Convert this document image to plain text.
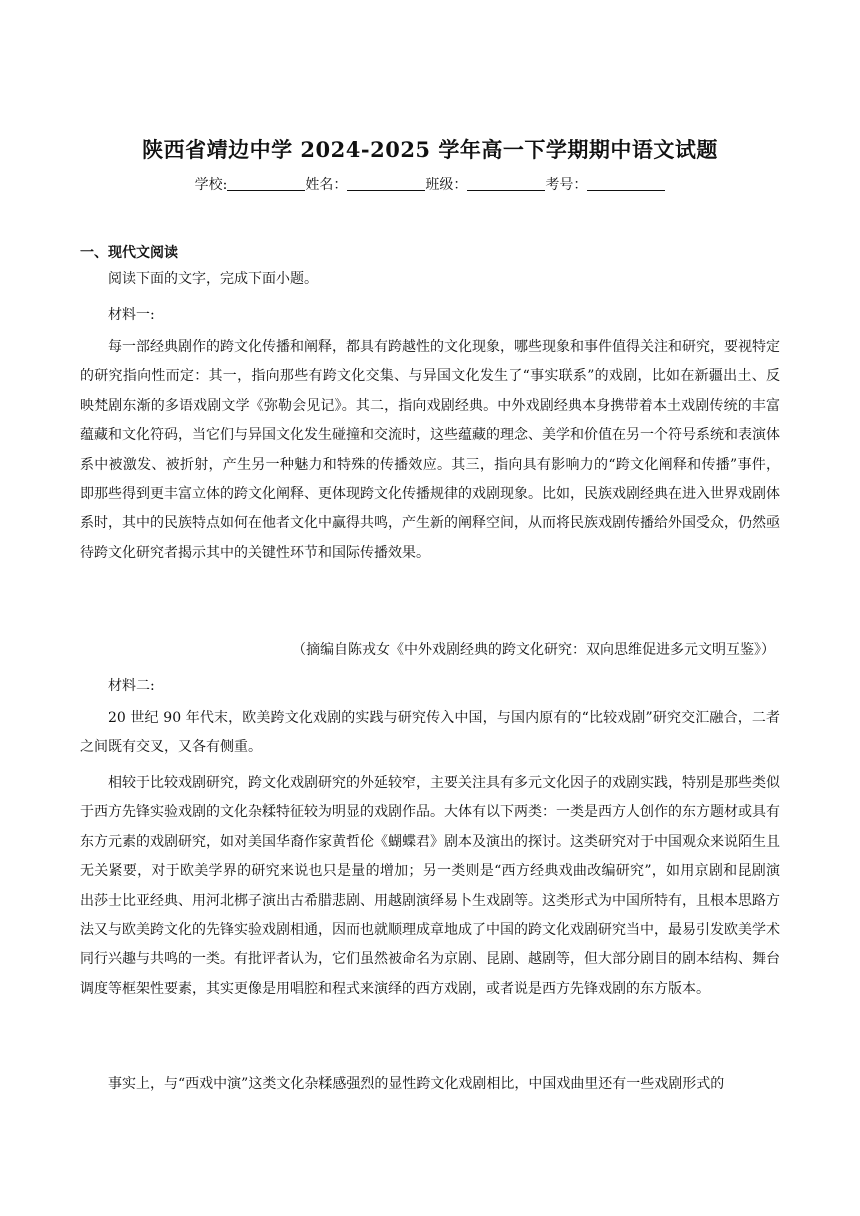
陕西省靖边中学 2024-2025 学年高一下学期期中语文试题
学校:	姓名：	班级：	考号：
一、现代文阅读

阅读下面的文字，完成下面小题。

材料一:

每一部经典剧作的跨文化传播和阐释，都具有跨越性的文化现象，哪些现象和事件值得关注和研究，要视特定的研究指向性而定：其一，指向那些有跨文化交集、与异国文化发生了“事实联系”的戏剧，比如在新疆出土、反映梵剧东渐的多语戏剧文学《弥勒会见记》。其二，指向戏剧经典。中外戏剧经典本身携带着本土戏剧传统的丰富蕴藏和文化符码，当它们与异国文化发生碰撞和交流时，这些蕴藏的理念、美学和价值在另一个符号系统和表演体系中被激发、被折射，产生另一种魅力和特殊的传播效应。其三，指向具有影响力的“跨文化阐释和传播”事件，即那些得到更丰富立体的跨文化阐释、更体现跨文化传播规律的戏剧现象。比如，民族戏剧经典在进入世界戏剧体系时，其中的民族特点如何在他者文化中赢得共鸣，产生新的阐释空间，从而将民族戏剧传播给外国受众，仍然亟待跨文化研究者揭示其中的关键性环节和国际传播效果。

（摘编自陈戎女《中外戏剧经典的跨文化研究：双向思维促进多元文明互鉴》）

材料二:

20 世纪 90 年代末，欧美跨文化戏剧的实践与研究传入中国，与国内原有的“比较戏剧”研究交汇融合，二者之间既有交叉，又各有侧重。

相较于比较戏剧研究，跨文化戏剧研究的外延较窄，主要关注具有多元文化因子的戏剧实践，特别是那些类似于西方先锋实验戏剧的文化杂糅特征较为明显的戏剧作品。大体有以下两类：一类是西方人创作的东方题材或具有东方元素的戏剧研究，如对美国华裔作家黄哲伦《蝴蝶君》剧本及演出的探讨。这类研究对于中国观众来说陌生且无关紧要，对于欧美学界的研究来说也只是量的增加；另一类则是“西方经典戏曲改编研究”，如用京剧和昆剧演出莎士比亚经典、用河北梆子演出古希腊悲剧、用越剧演绎易卜生戏剧等。这类形式为中国所特有，且根本思路方法又与欧美跨文化的先锋实验戏剧相通，因而也就顺理成章地成了中国的跨文化戏剧研究当中，最易引发欧美学术同行兴趣与共鸣的一类。有批评者认为，它们虽然被命名为京剧、昆剧、越剧等，但大部分剧目的剧本结构、舞台调度等框架性要素，其实更像是用唱腔和程式来演绎的西方戏剧，或者说是西方先锋戏剧的东方版本。

事实上，与“西戏中演”这类文化杂糅感强烈的显性跨文化戏剧相比，中国戏曲里还有一些戏剧形式的
